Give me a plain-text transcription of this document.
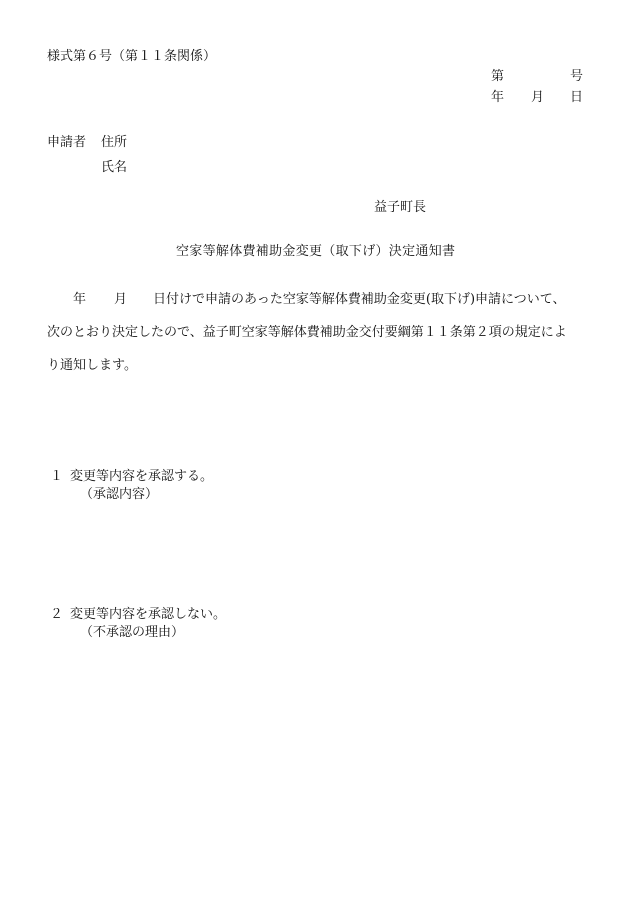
様式第６号（第１１条関係）
第	号
年 月 日
申請者 住所
氏名
益子町長
空家等解体費補助金変更（取下げ）決定通知書
年 月 日付けで申請のあった空家等解体費補助金変更(取下げ)申請について、
次のとおり決定したので、益子町空家等解体費補助金交付要綱第１１条第２項の規定によ
り通知します。
１ 変更等内容を承認する。
（承認内容）
２ 変更等内容を承認しない。
（不承認の理由）
